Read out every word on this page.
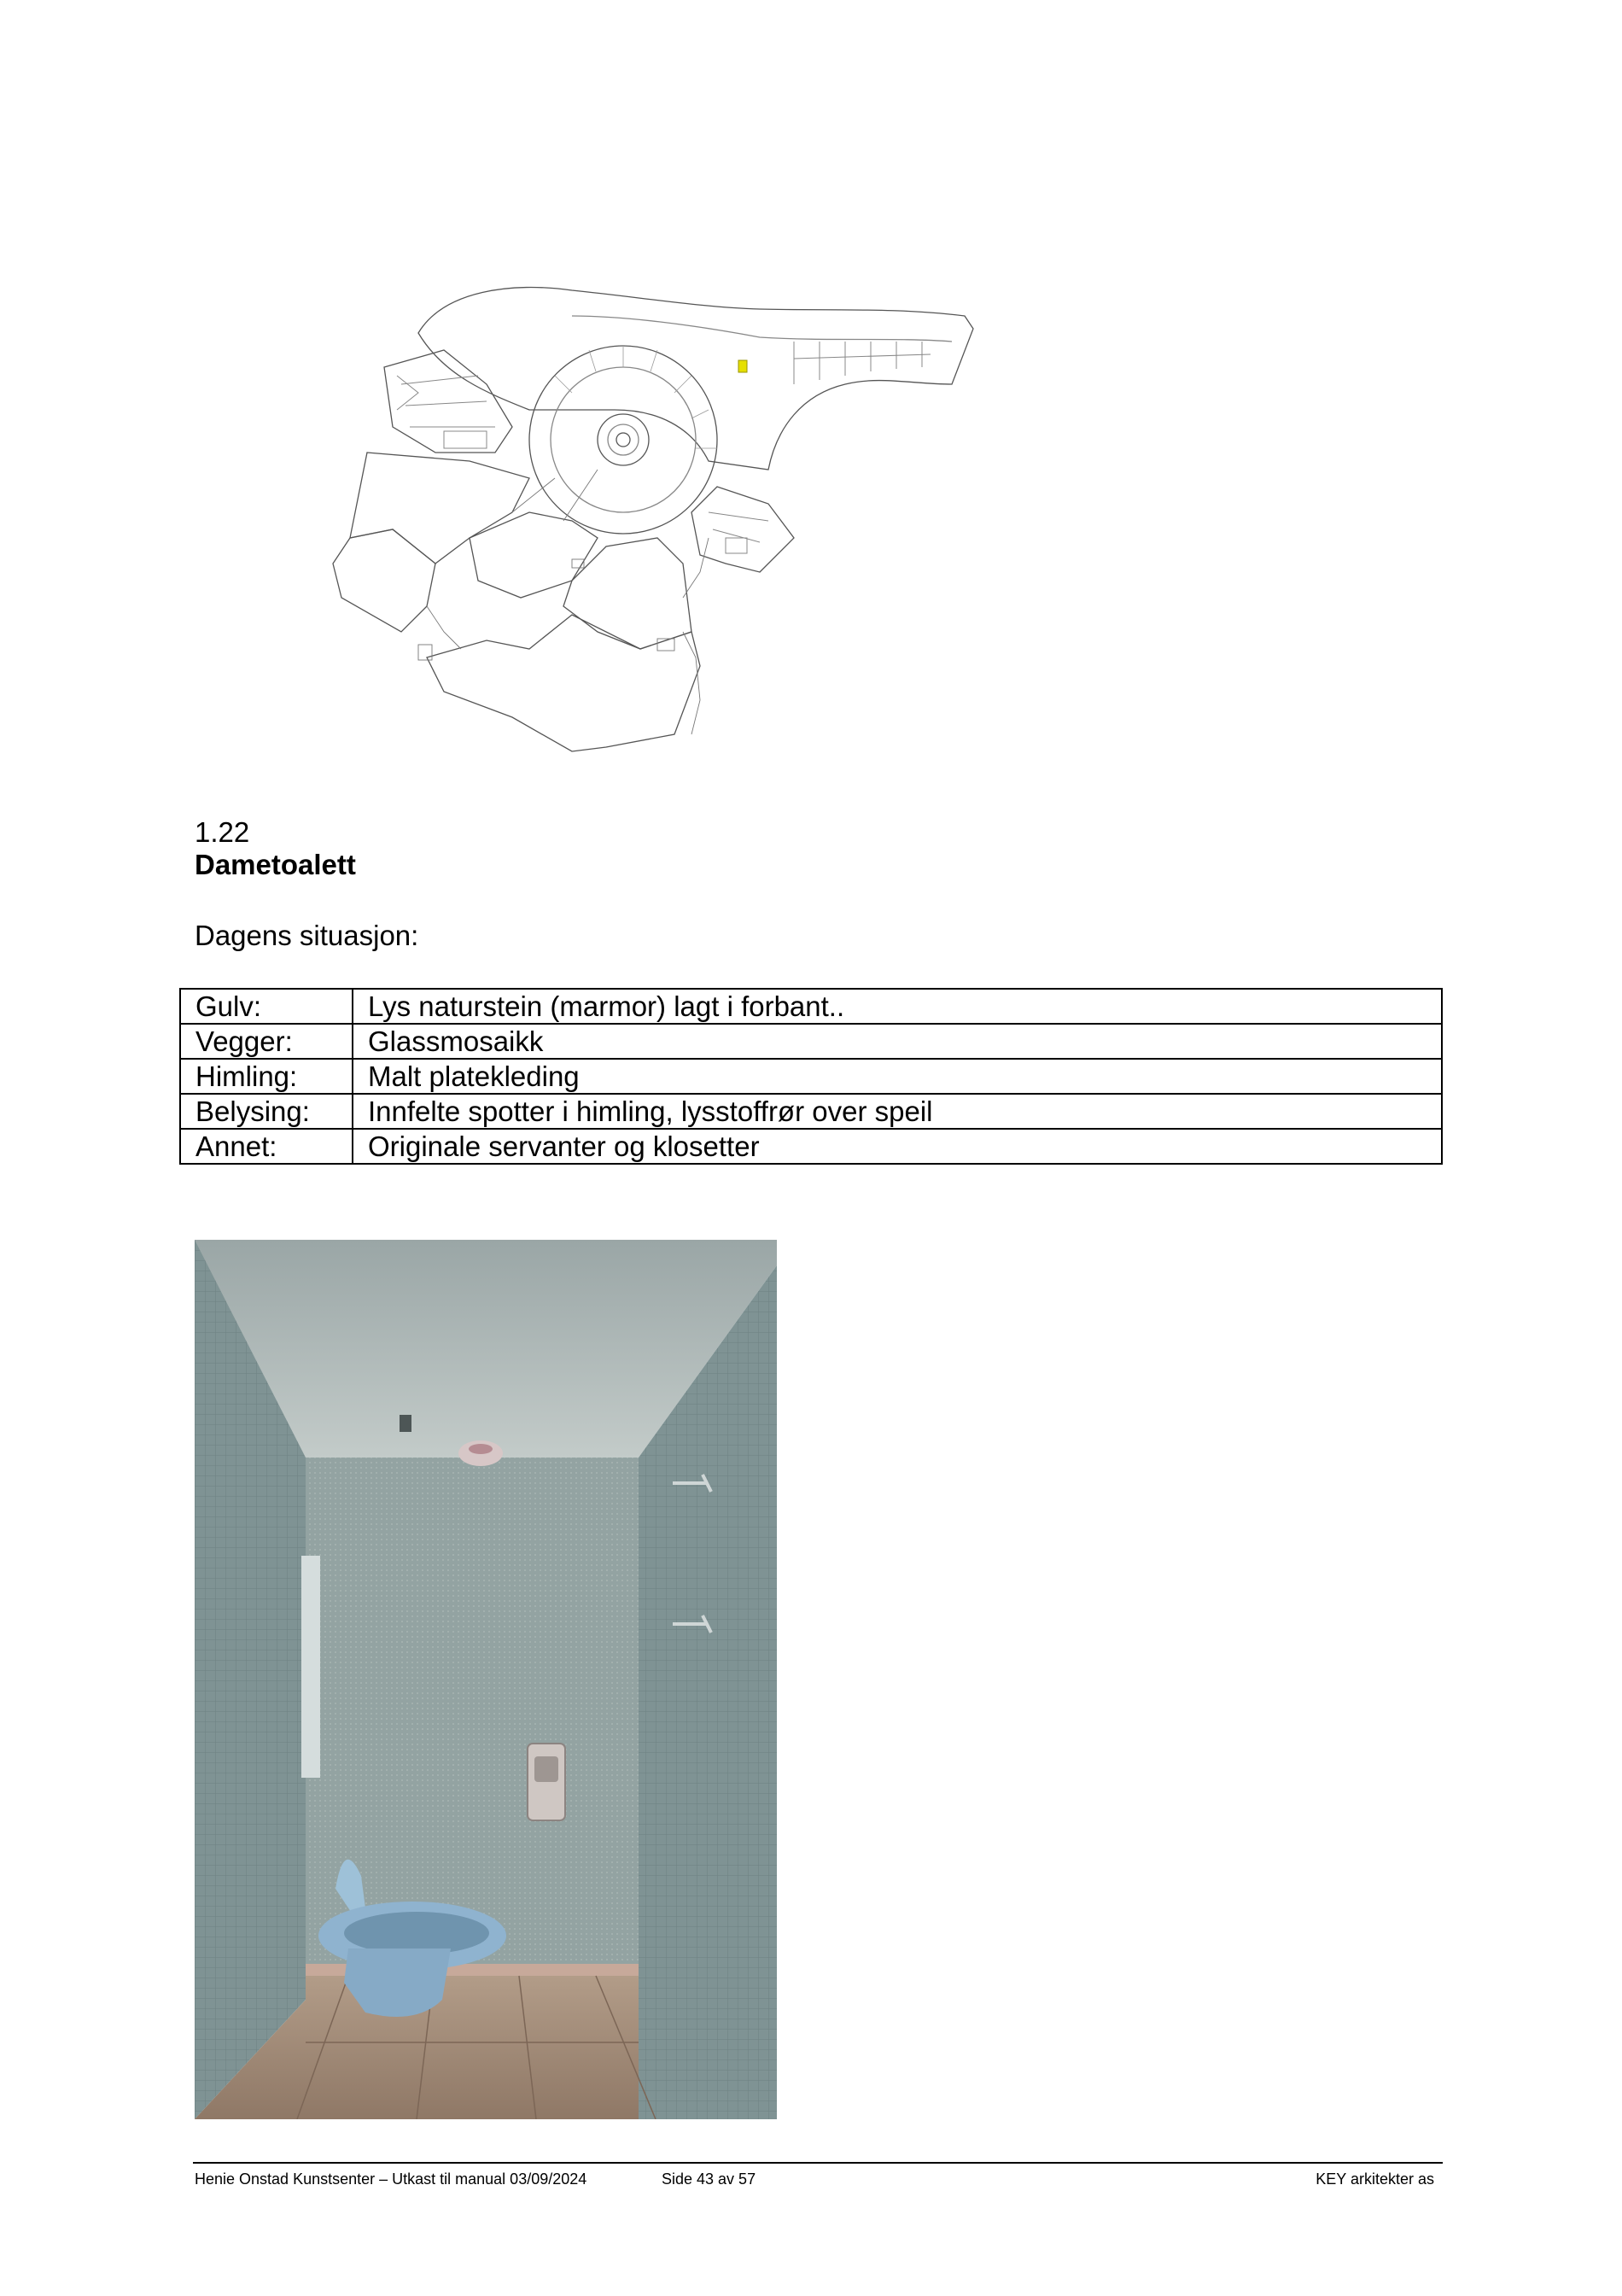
1.22
Dametoalett
Dagens situasjon:
Gulv:	Lys naturstein (marmor) lagt i forbant..
Vegger:	Glassmosaikk
Himling:	Malt platekleding
Belysing:	Innfelte spotter i himling, lysstoffrør over speil
Annet:	Originale servanter og klosetter
Henie Onstad Kunstsenter – Utkast til manual 03/09/2024	Side 43 av 57	KEY arkitekter as
